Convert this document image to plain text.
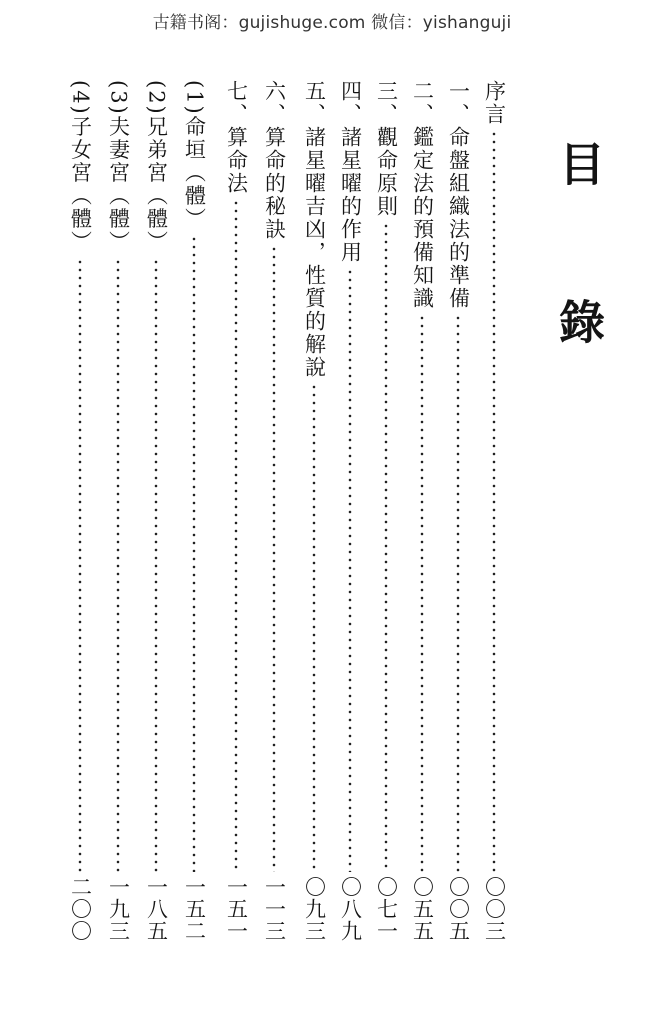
古籍书阁：gujishuge.com 微信：yishanguji
目 錄
序言
〇〇三
一、命盤組織法的準備
〇〇五
二、鑑定法的預備知識
〇五五
三、觀命原則
〇七一
四、諸星曜的作用
〇八九
五、諸星曜吉凶，性質的解說
〇九三
六、算命的秘訣
一一三
七、算命法
一五一
(1)命垣（體）
一五二
(2)兄弟宮（體）
一八五
(3)夫妻宮（體）
一九三
(4)子女宮（體）
二〇〇
